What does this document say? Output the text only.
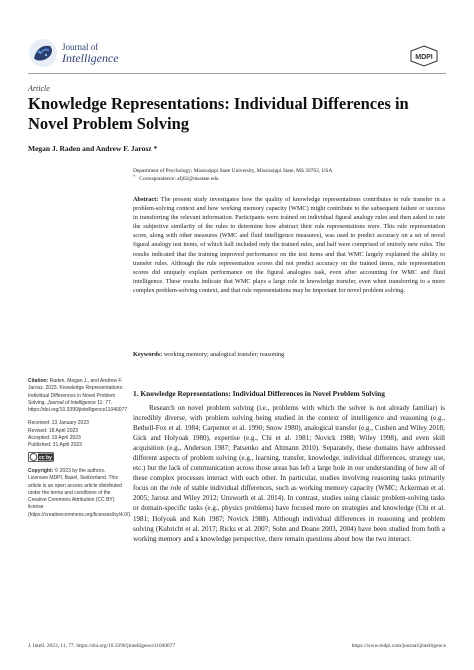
Journal of
Intelligence	MDPI
Article
Knowledge Representations: Individual Differences in Novel Problem Solving
Megan J. Raden and Andrew F. Jarosz *
Department of Psychology; Mississippi State University, Mississippi State, MS 39762, USA
* Correspondence: afj62@msstate.edu
Abstract: The present study investigates how the quality of knowledge representations contributes to rule transfer in a problem-solving context and how working memory capacity (WMC) might contribute to the subsequent failure or success in transferring the relevant information. Participants were trained on individual figural analogy rules and then asked to rate the subjective similarity of the rules to determine how abstract their rule representations were. This rule representation score, along with other measures (WMC and fluid intelligence measures), was used to predict accuracy on a set of novel figural analogy test items, of which half included only the trained rules, and half were comprised of entirely new rules. The results indicated that the training improved performance on the test items and that WMC largely explained the ability to transfer rules. Although the rule representation scores did not predict accuracy on the trained items, rule representation scores did uniquely explain performance on the figural analogies task, even after accounting for WMC and fluid intelligence. These results indicate that WMC plays a large role in knowledge transfer, even when transferring to a more complex problem-solving context, and that rule representations may be important for novel problem solving.
Keywords: working memory; analogical transfer; reasoning
Citation: Raden, Megan J., and Andrew F. Jarosz. 2023. Knowledge Representations: Individual Differences in Novel Problem Solving. Journal of Intelligence 11: 77. https://doi.org/10.3390/jintelligence11040077
Received: 13 January 2023
Revised: 18 April 2023
Accepted: 19 April 2023
Published: 21 April 2023
cc by
Copyright: © 2023 by the authors. Licensee MDPI, Basel, Switzerland. This article is an open access article distributed under the terms and conditions of the Creative Commons Attribution (CC BY) license (https://creativecommons.org/licenses/by/4.0/).
1. Knowledge Representations: Individual Differences in Novel Problem Solving
Research on novel problem solving (i.e., problems with which the solver is not already familiar) is incredibly diverse, with problem solving being studied in the context of intelligence and reasoning (e.g., Bethell-Fox et al. 1984; Carpenter et al. 1990; Snow 1980), analogical transfer (e.g., Cushen and Wiley 2018; Gick and Holyoak 1980), expertise (e.g., Chi et al. 1981; Novick 1988; Wiley 1998), and even skill acquisition (e.g., Anderson 1987; Patsenko and Altmann 2010). Separately, these domains have addressed different aspects of problem solving (e.g., learning, transfer, knowledge, individual differences, strategy use, etc.) but the lack of communication across those areas has left a large hole in our understanding of how all of these complex processes interact with each other. In particular, studies involving reasoning tasks primarily focus on the role of stable individual differences, such as working memory capacity (WMC; Ackerman et al. 2005; Jarosz and Wiley 2012; Unsworth et al. 2014). In contrast, studies using classic problem-solving tasks or domain-specific tasks (e.g., physics problems) have focused more on strategies and knowledge (Chi et al. 1981; Holyoak and Koh 1987; Novick 1988). Although individual differences in reasoning and problem solving (Kubricht et al. 2017; Ricks et al. 2007; Sohn and Doane 2003, 2004) have been studied from both a working memory and a knowledge perspective, there remain questions about how the two interact.
J. Intell. 2023, 11, 77. https://doi.org/10.3390/jintelligence11040077	https://www.mdpi.com/journal/jintelligence
